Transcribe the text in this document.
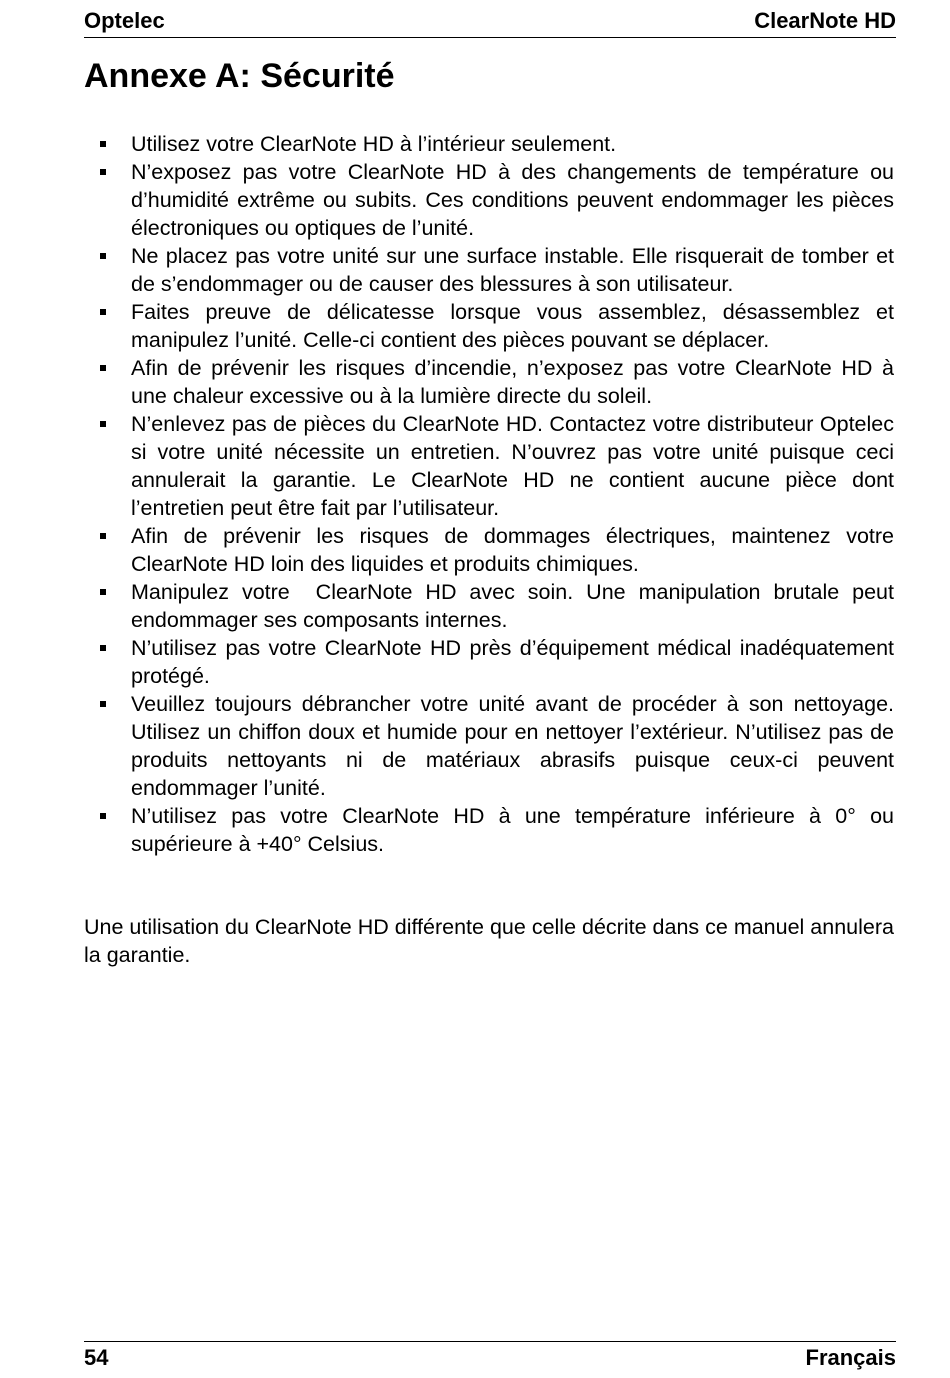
Optelec	ClearNote HD
Annexe A: Sécurité
Utilisez votre ClearNote HD à l’intérieur seulement.
N’exposez pas votre ClearNote HD à des changements de température ou d’humidité extrême ou subits. Ces conditions peuvent endommager les pièces électroniques ou optiques de l’unité.
Ne placez pas votre unité sur une surface instable. Elle risquerait de tomber et de s’endommager ou de causer des blessures à son utilisateur.
Faites preuve de délicatesse lorsque vous assemblez, désassemblez et manipulez l’unité. Celle-ci contient des pièces pouvant se déplacer.
Afin de prévenir les risques d’incendie, n’exposez pas votre ClearNote HD à une chaleur excessive ou à la lumière directe du soleil.
N’enlevez pas de pièces du ClearNote HD. Contactez votre distributeur Optelec si votre unité nécessite un entretien. N’ouvrez pas votre unité puisque ceci annulerait la garantie. Le ClearNote HD ne contient aucune pièce dont l’entretien peut être fait par l’utilisateur.
Afin de prévenir les risques de dommages électriques, maintenez votre ClearNote HD loin des liquides et produits chimiques.
Manipulez votre  ClearNote HD avec soin. Une manipulation brutale peut endommager ses composants internes.
N’utilisez pas votre ClearNote HD près d’équipement médical inadéquatement protégé.
Veuillez toujours débrancher votre unité avant de procéder à son nettoyage. Utilisez un chiffon doux et humide pour en nettoyer l’extérieur. N’utilisez pas de produits nettoyants ni de matériaux abrasifs puisque ceux-ci peuvent endommager l’unité.
N’utilisez pas votre ClearNote HD à une température inférieure à 0° ou supérieure à +40° Celsius.

Une utilisation du ClearNote HD différente que celle décrite dans ce manuel annulera la garantie.

54	Français
